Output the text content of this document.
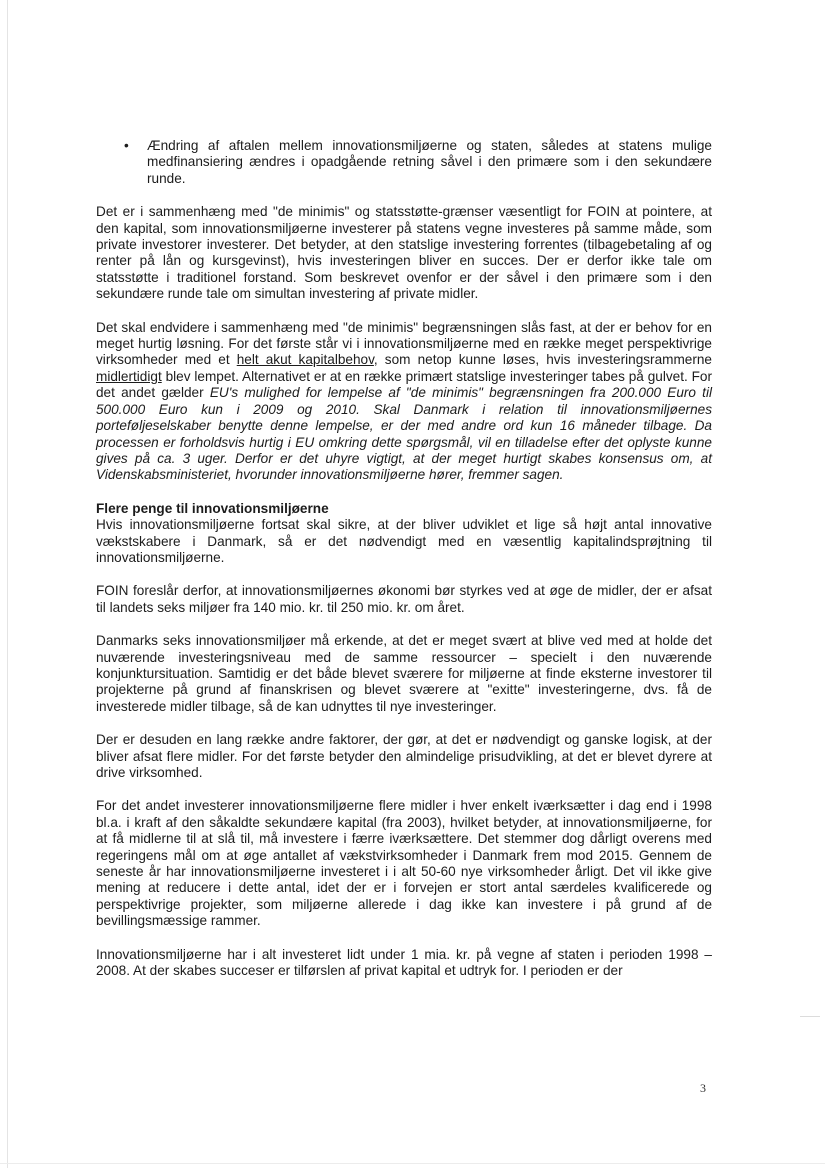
• Ændring af aftalen mellem innovationsmiljøerne og staten, således at statens mulige medfinansiering ændres i opadgående retning såvel i den primære som i den sekundære runde.

Det er i sammenhæng med "de minimis" og statsstøtte-grænser væsentligt for FOIN at pointere, at den kapital, som innovationsmiljøerne investerer på statens vegne investeres på samme måde, som private investorer investerer. Det betyder, at den statslige investering forrentes (tilbagebetaling af og renter på lån og kursgevinst), hvis investeringen bliver en succes. Der er derfor ikke tale om statsstøtte i traditionel forstand. Som beskrevet ovenfor er der såvel i den primære som i den sekundære runde tale om simultan investering af private midler.

Det skal endvidere i sammenhæng med "de minimis" begrænsningen slås fast, at der er behov for en meget hurtig løsning. For det første står vi i innovationsmiljøerne med en række meget perspektivrige virksomheder med et helt akut kapitalbehov, som netop kunne løses, hvis investeringsrammerne midlertidigt blev lempet. Alternativet er at en række primært statslige investeringer tabes på gulvet. For det andet gælder EU's mulighed for lempelse af "de minimis" begrænsningen fra 200.000 Euro til 500.000 Euro kun i 2009 og 2010. Skal Danmark i relation til innovationsmiljøernes porteføljeselskaber benytte denne lempelse, er der med andre ord kun 16 måneder tilbage. Da processen er forholdsvis hurtig i EU omkring dette spørgsmål, vil en tilladelse efter det oplyste kunne gives på ca. 3 uger. Derfor er det uhyre vigtigt, at der meget hurtigt skabes konsensus om, at Videnskabsministeriet, hvorunder innovationsmiljøerne hører, fremmer sagen.

Flere penge til innovationsmiljøerne

Hvis innovationsmiljøerne fortsat skal sikre, at der bliver udviklet et lige så højt antal innovative vækstskabere i Danmark, så er det nødvendigt med en væsentlig kapitalindsprøjtning til innovationsmiljøerne.

FOIN foreslår derfor, at innovationsmiljøernes økonomi bør styrkes ved at øge de midler, der er afsat til landets seks miljøer fra 140 mio. kr. til 250 mio. kr. om året.

Danmarks seks innovationsmiljøer må erkende, at det er meget svært at blive ved med at holde det nuværende investeringsniveau med de samme ressourcer – specielt i den nuværende konjunktursituation. Samtidig er det både blevet sværere for miljøerne at finde eksterne investorer til projekterne på grund af finanskrisen og blevet sværere at "exitte" investeringerne, dvs. få de investerede midler tilbage, så de kan udnyttes til nye investeringer.

Der er desuden en lang række andre faktorer, der gør, at det er nødvendigt og ganske logisk, at der bliver afsat flere midler. For det første betyder den almindelige prisudvikling, at det er blevet dyrere at drive virksomhed.

For det andet investerer innovationsmiljøerne flere midler i hver enkelt iværksætter i dag end i 1998 bl.a. i kraft af den såkaldte sekundære kapital (fra 2003), hvilket betyder, at innovationsmiljøerne, for at få midlerne til at slå til, må investere i færre iværksættere. Det stemmer dog dårligt overens med regeringens mål om at øge antallet af vækstvirksomheder i Danmark frem mod 2015. Gennem de seneste år har innovationsmiljøerne investeret i i alt 50-60 nye virksomheder årligt. Det vil ikke give mening at reducere i dette antal, idet der er i forvejen er stort antal særdeles kvalificerede og perspektivrige projekter, som miljøerne allerede i dag ikke kan investere i på grund af de bevillingsmæssige rammer.

Innovationsmiljøerne har i alt investeret lidt under 1 mia. kr. på vegne af staten i perioden 1998 – 2008. At der skabes succeser er tilførslen af privat kapital et udtryk for. I perioden er der

3
